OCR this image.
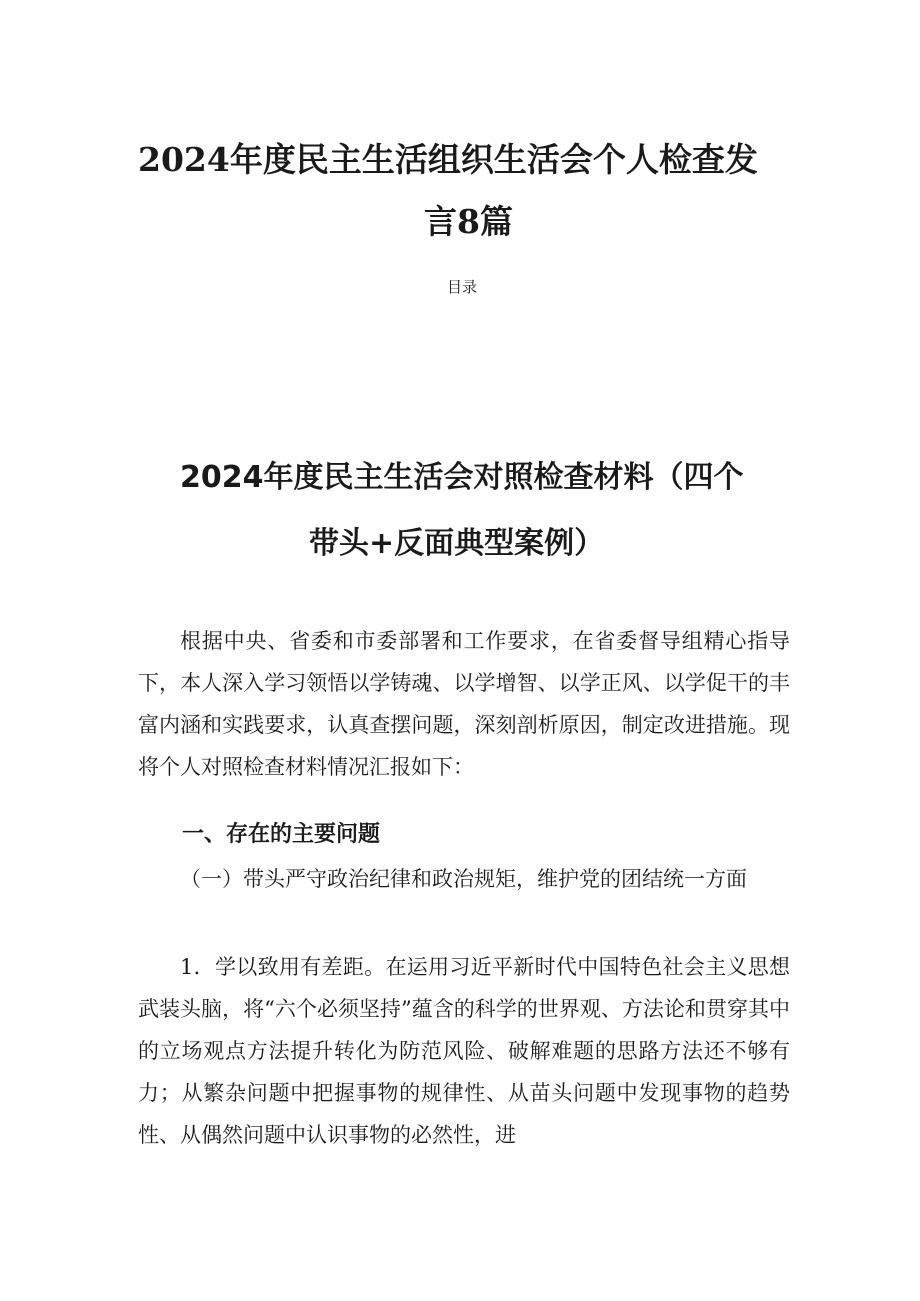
2024年度民主生活组织生活会个人检查发
言8篇
目录
2024年度民主生活会对照检查材料（四个
带头+反面典型案例）

根据中央、省委和市委部署和工作要求，在省委督导组精心指导下，本人深入学习领悟以学铸魂、以学增智、以学正风、以学促干的丰富内涵和实践要求，认真查摆问题，深刻剖析原因，制定改进措施。现将个人对照检查材料情况汇报如下：

一、存在的主要问题

（一）带头严守政治纪律和政治规矩，维护党的团结统一方面

1．学以致用有差距。在运用习近平新时代中国特色社会主义思想武装头脑，将“六个必须坚持”蕴含的科学的世界观、方法论和贯穿其中的立场观点方法提升转化为防范风险、破解难题的思路方法还不够有力；从繁杂问题中把握事物的规律性、从苗头问题中发现事物的趋势性、从偶然问题中认识事物的必然性，进
